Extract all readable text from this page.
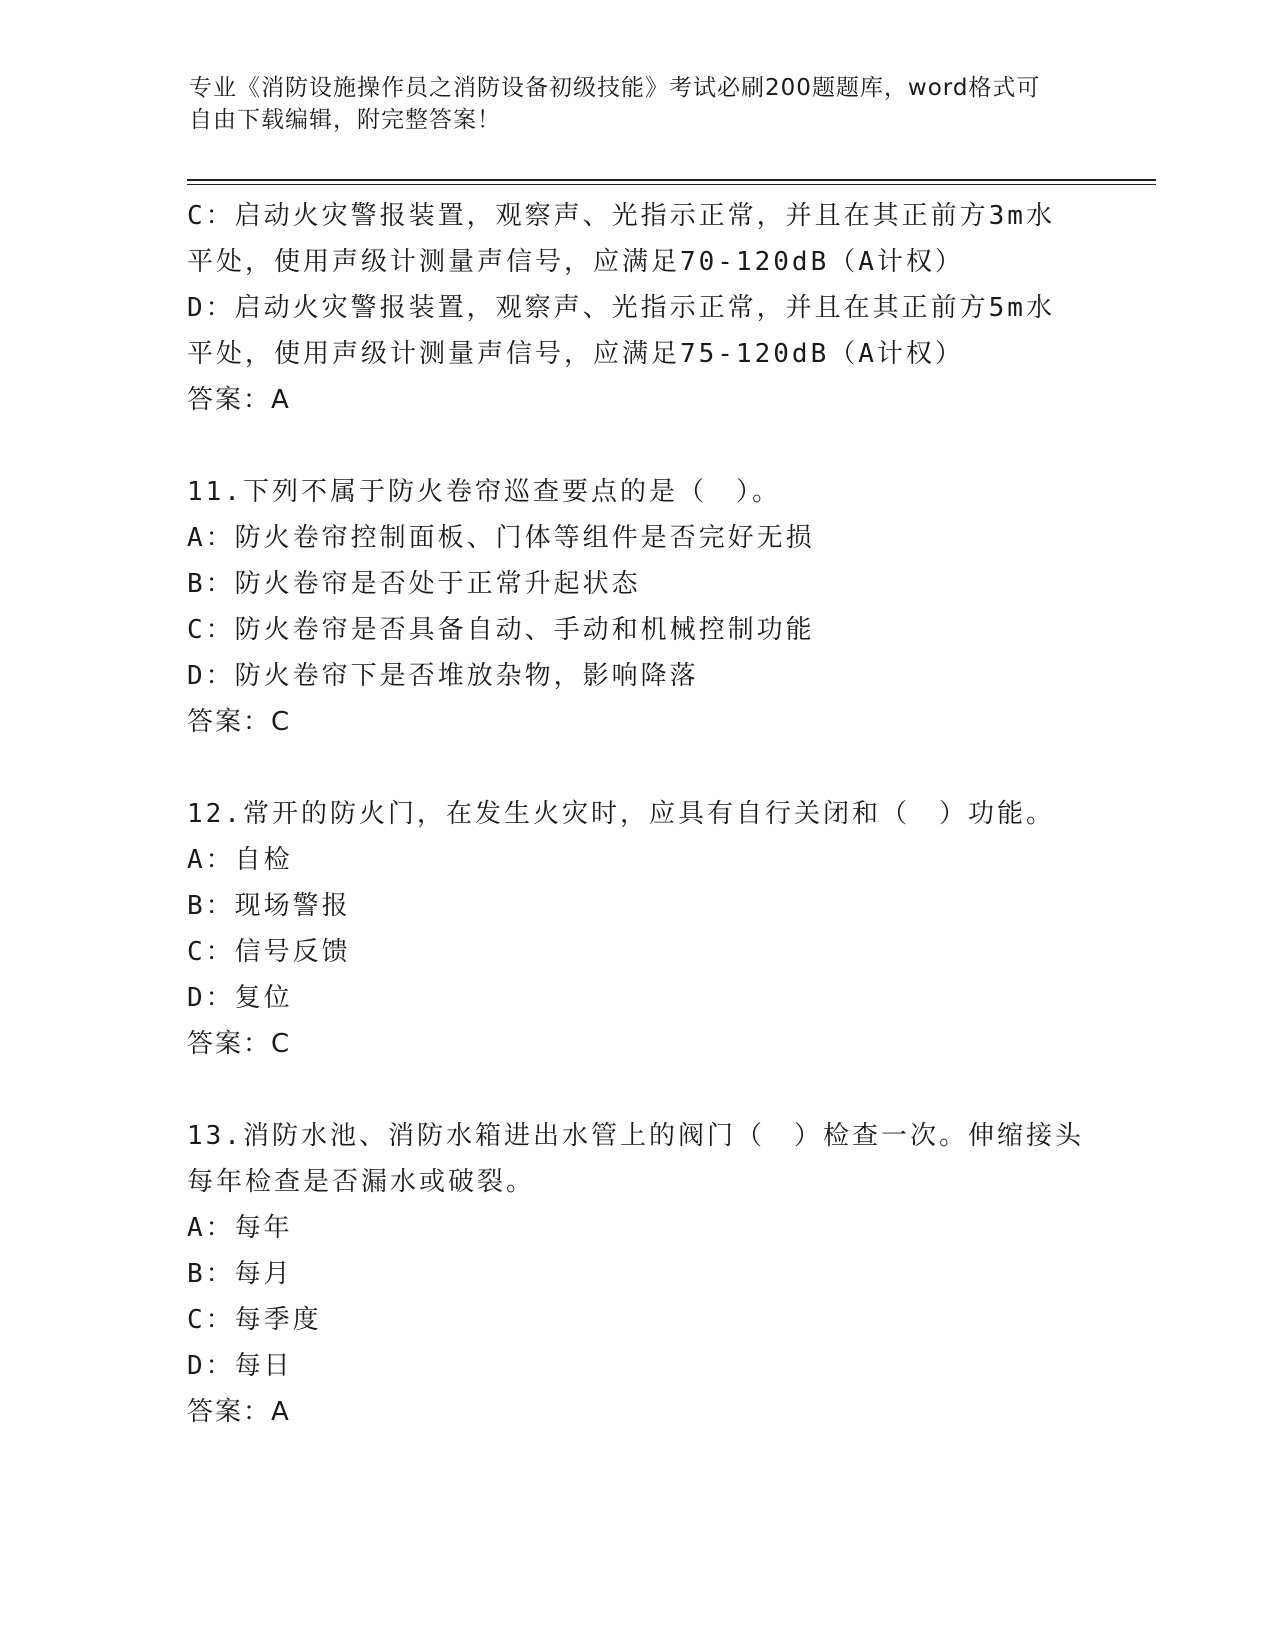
专业《消防设施操作员之消防设备初级技能》考试必刷200题题库，word格式可
自由下载编辑，附完整答案！
C：启动火灾警报装置，观察声、光指示正常，并且在其正前方3m水
平处，使用声级计测量声信号，应满足70-120dB（A计权）
D：启动火灾警报装置，观察声、光指示正常，并且在其正前方5m水
平处，使用声级计测量声信号，应满足75-120dB（A计权）
答案：A
11.下列不属于防火卷帘巡查要点的是（　）。
A：防火卷帘控制面板、门体等组件是否完好无损
B：防火卷帘是否处于正常升起状态
C：防火卷帘是否具备自动、手动和机械控制功能
D：防火卷帘下是否堆放杂物，影响降落
答案：C
12.常开的防火门，在发生火灾时，应具有自行关闭和（　）功能。
A：自检
B：现场警报
C：信号反馈
D：复位
答案：C
13.消防水池、消防水箱进出水管上的阀门（　）检查一次。伸缩接头
每年检查是否漏水或破裂。
A：每年
B：每月
C：每季度
D：每日
答案：A
